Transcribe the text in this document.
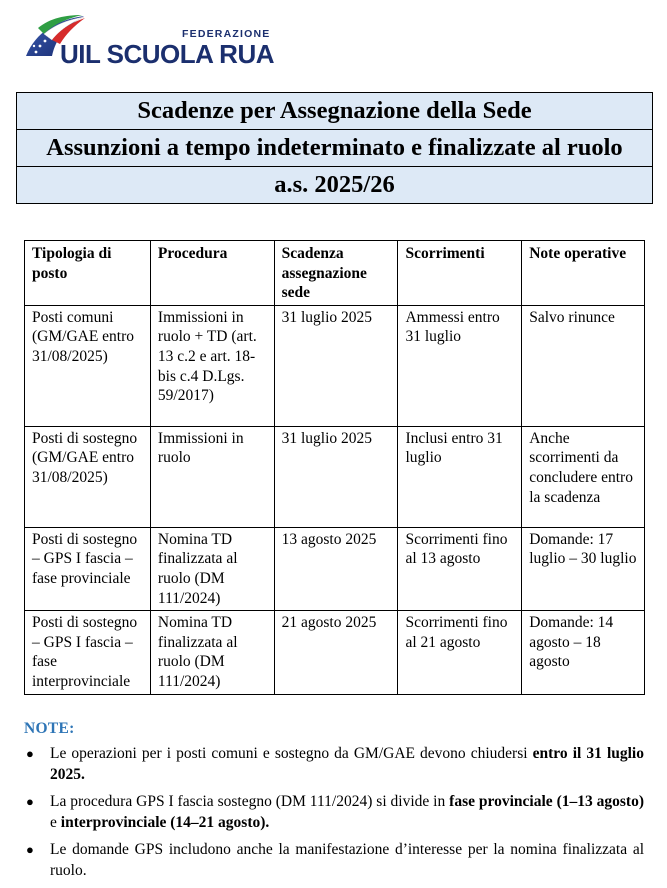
FEDERAZIONE
UIL SCUOLA RUA
Scadenze per Assegnazione della Sede
Assunzioni a tempo indeterminato e finalizzate al ruolo
a.s. 2025/26
Tipologia di posto	Procedura	Scadenza assegnazione sede	Scorrimenti	Note operative
Posti comuni (GM/GAE entro 31/08/2025)	Immissioni in ruolo + TD (art. 13 c.2 e art. 18-bis c.4 D.Lgs. 59/2017)	31 luglio 2025	Ammessi entro 31 luglio	Salvo rinunce
Posti di sostegno (GM/GAE entro 31/08/2025)	Immissioni in ruolo	31 luglio 2025	Inclusi entro 31 luglio	Anche scorrimenti da concludere entro la scadenza
Posti di sostegno – GPS I fascia – fase provinciale	Nomina TD finalizzata al ruolo (DM 111/2024)	13 agosto 2025	Scorrimenti fino al 13 agosto	Domande: 17 luglio – 30 luglio
Posti di sostegno – GPS I fascia – fase interprovinciale	Nomina TD finalizzata al ruolo (DM 111/2024)	21 agosto 2025	Scorrimenti fino al 21 agosto	Domande: 14 agosto – 18 agosto
NOTE:
● Le operazioni per i posti comuni e sostegno da GM/GAE devono chiudersi entro il 31 luglio 2025.
● La procedura GPS I fascia sostegno (DM 111/2024) si divide in fase provinciale (1–13 agosto) e interprovinciale (14–21 agosto).
● Le domande GPS includono anche la manifestazione d’interesse per la nomina finalizzata al ruolo.
